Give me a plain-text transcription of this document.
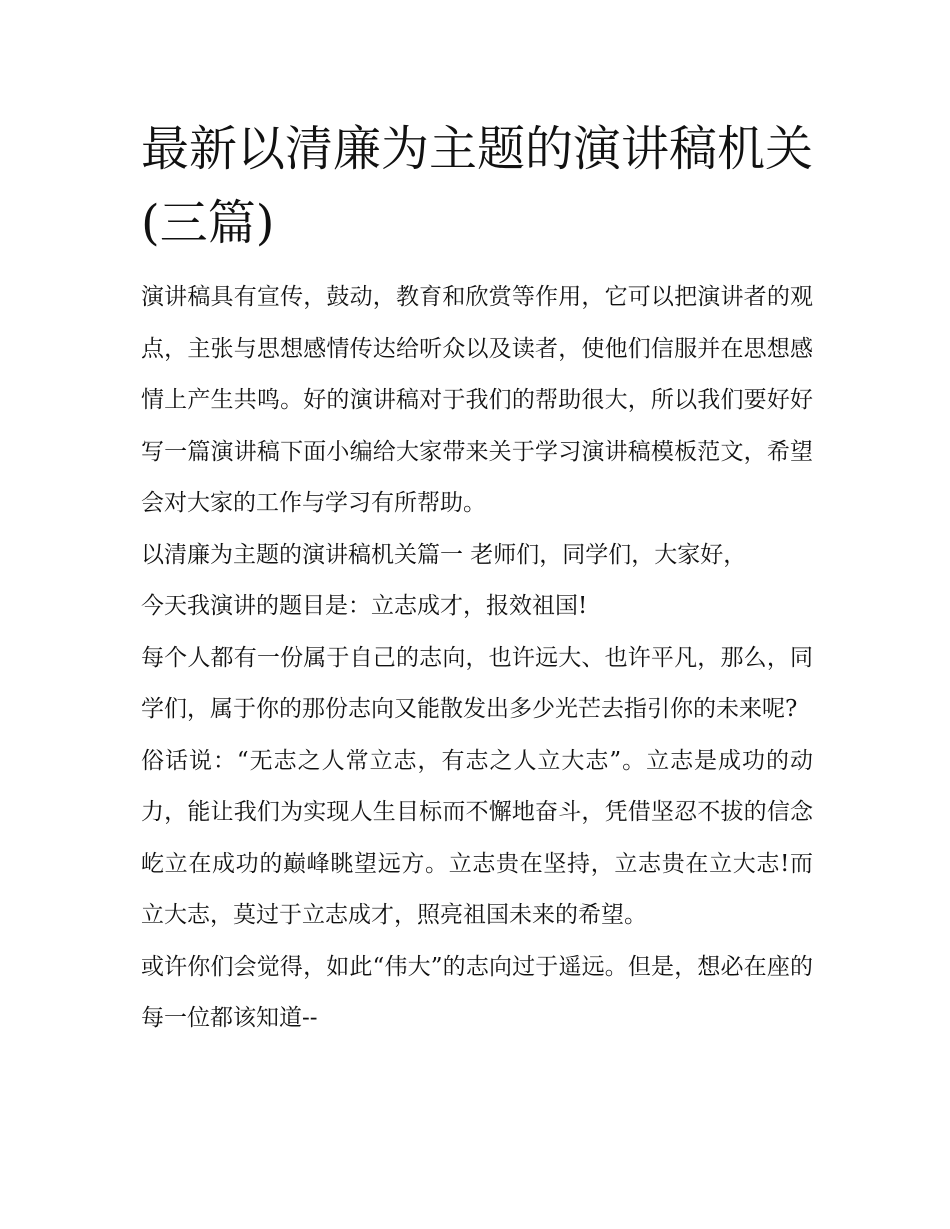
最新以清廉为主题的演讲稿机关(三篇)

演讲稿具有宣传，鼓动，教育和欣赏等作用，它可以把演讲者的观点，主张与思想感情传达给听众以及读者，使他们信服并在思想感情上产生共鸣。好的演讲稿对于我们的帮助很大，所以我们要好好写一篇演讲稿下面小编给大家带来关于学习演讲稿模板范文，希望会对大家的工作与学习有所帮助。

以清廉为主题的演讲稿机关篇一 老师们，同学们，大家好，

今天我演讲的题目是：立志成才，报效祖国!

每个人都有一份属于自己的志向，也许远大、也许平凡，那么，同学们，属于你的那份志向又能散发出多少光芒去指引你的未来呢?

俗话说：“无志之人常立志，有志之人立大志”。立志是成功的动力，能让我们为实现人生目标而不懈地奋斗，凭借坚忍不拔的信念屹立在成功的巅峰眺望远方。立志贵在坚持，立志贵在立大志!而立大志，莫过于立志成才，照亮祖国未来的希望。

或许你们会觉得，如此“伟大”的志向过于遥远。但是，想必在座的每一位都该知道--
